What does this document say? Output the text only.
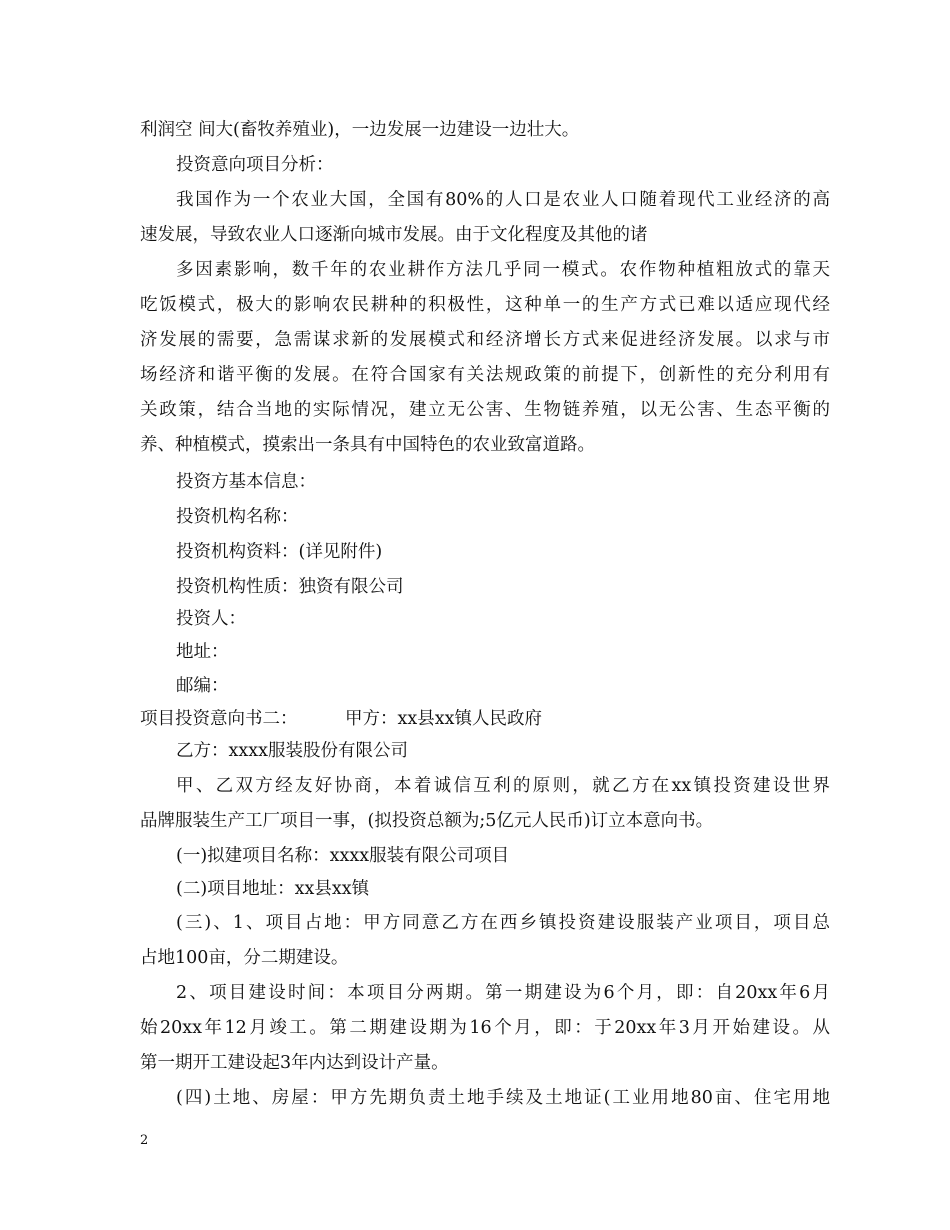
利润空 间大(畜牧养殖业)，一边发展一边建设一边壮大。
投资意向项目分析：
我国作为一个农业大国，全国有80%的人口是农业人口随着现代工业经济的高
速发展，导致农业人口逐渐向城市发展。由于文化程度及其他的诸
多因素影响，数千年的农业耕作方法几乎同一模式。农作物种植粗放式的靠天
吃饭模式，极大的影响农民耕种的积极性，这种单一的生产方式已难以适应现代经
济发展的需要，急需谋求新的发展模式和经济增长方式来促进经济发展。以求与市
场经济和谐平衡的发展。在符合国家有关法规政策的前提下，创新性的充分利用有
关政策，结合当地的实际情况，建立无公害、生物链养殖，以无公害、生态平衡的
养、种植模式，摸索出一条具有中国特色的农业致富道路。
投资方基本信息：
投资机构名称：
投资机构资料：(详见附件)
投资机构性质：独资有限公司
投资人：
地址：
邮编：
项目投资意向书二：	甲方：xx县xx镇人民政府
乙方：xxxx服装股份有限公司
甲、乙双方经友好协商，本着诚信互利的原则，就乙方在xx镇投资建设世界
品牌服装生产工厂项目一事，(拟投资总额为;5亿元人民币)订立本意向书。
(一)拟建项目名称：xxxx服装有限公司项目
(二)项目地址：xx县xx镇
(三)、1、项目占地：甲方同意乙方在西乡镇投资建设服装产业项目，项目总
占地100亩，分二期建设。
2、项目建设时间：本项目分两期。第一期建设为6个月，即：自20xx年6月
始20xx年12月竣工。第二期建设期为16个月，即：于20xx年3月开始建设。从
第一期开工建设起3年内达到设计产量。
(四)土地、房屋：甲方先期负责土地手续及土地证(工业用地80亩、住宅用地
2
